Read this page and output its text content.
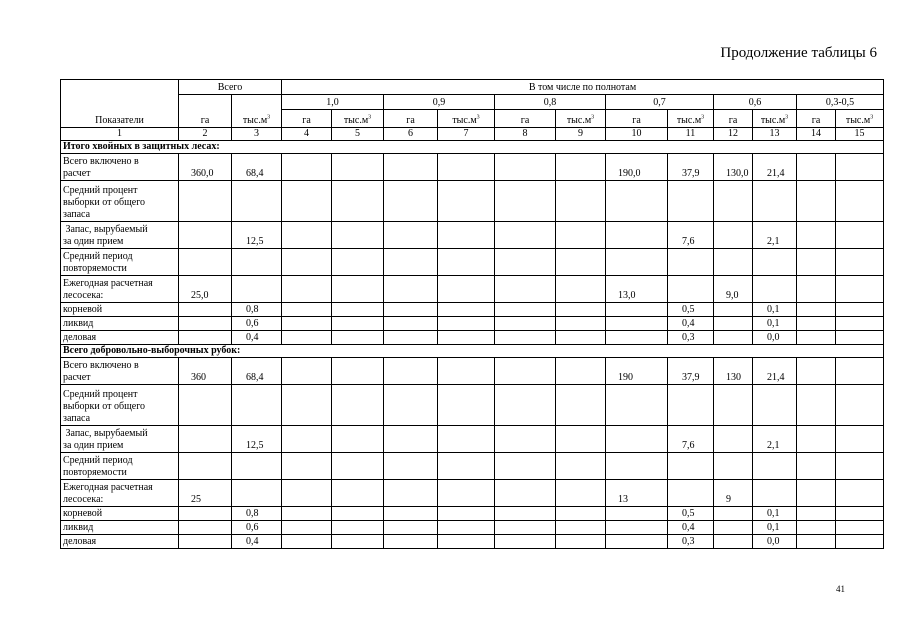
Продолжение таблицы 6
Показатели	Всего		В том числе по полнотам											
	га	$тыс.м^3$	1,0		0,9		0,8		0,7		0,6		0,3-0,5	
			га	$тыс.м^3$	га	$тыс.м^3$	га	$тыс.м^3$	га	$тыс.м^3$	га	$тыс.м^3$	га	$тыс.м^3$
1	2	3	4	5	6	7	8	9	10	11	12	13	14	15
Итого хвойных в защитных лесах:														

Всего включено в
расчет	360,0	68,4							190,0	37,9	130,0	21,4		

Средний процент
выборки от общего
запаса														

Запас, вырубаемый
за один прием		12,5								7,6		2,1		

Средний период
повторяемости														

Ежегодная расчетная
лесосека:	25,0								13,0		9,0			

корневой		0,8								0,5		0,1		

ликвид		0,6								0,4		0,1		

деловая		0,4								0,3		0,0		
Всего добровольно-выборочных рубок:														

Всего включено в
расчет	360	68,4							190	37,9	130	21,4		

Средний процент
выборки от общего
запаса														

Запас, вырубаемый
за один прием		12,5								7,6		2,1		

Средний период
повторяемости														

Ежегодная расчетная
лесосека:	25								13		9			

корневой		0,8								0,5		0,1		

ликвид		0,6								0,4		0,1		

деловая		0,4								0,3		0,0		
41
